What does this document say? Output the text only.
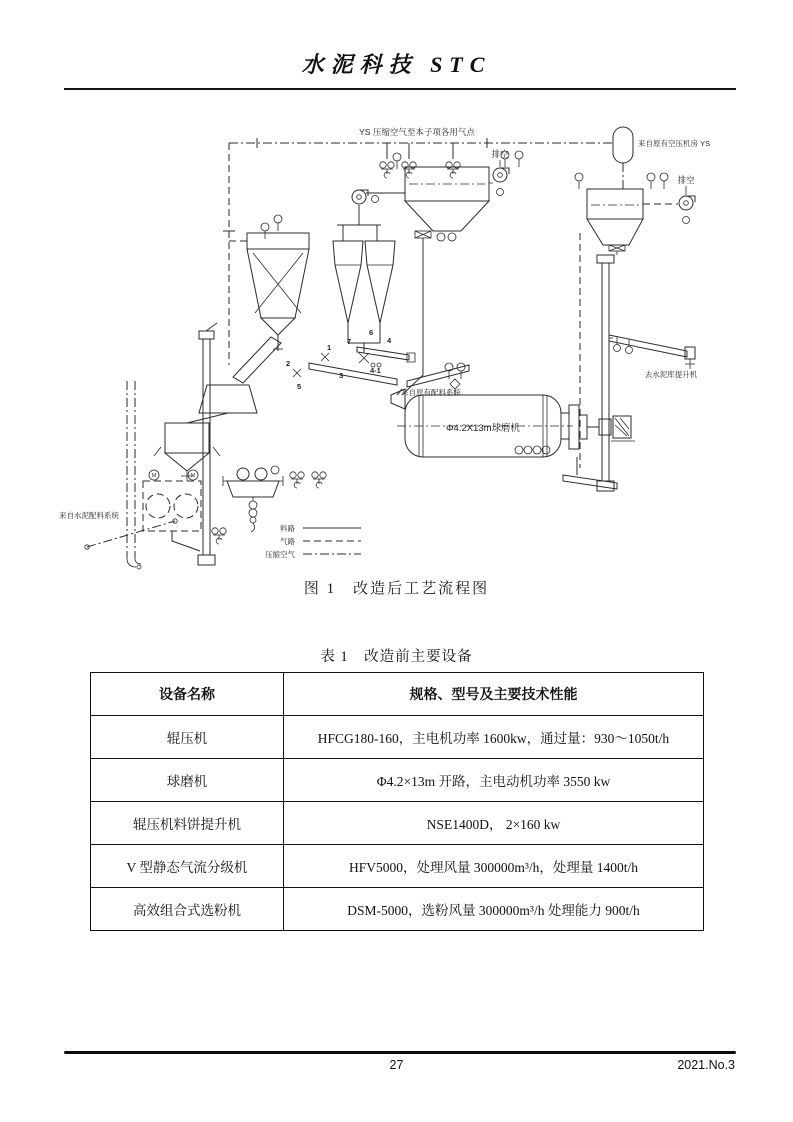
水泥科技 STC
YS 压缩空气至本子项各用气点
来自原有空压机房 YS
排空
排空
M	M
来自水泥配料系统
来自原有配料系统
1
2
3
4
4-1
5
6
7
Φ4.2X13m球磨机
去水泥库提升机
料路
气路
压缩空气
图 1　改造后工艺流程图
表 1　改造前主要设备
设备名称	规格、型号及主要技术性能
辊压机	HFCG180-160，主电机功率 1600kw，通过量：930～1050t/h
球磨机	Φ4.2×13m 开路，主电动机功率 3550 kw
辊压机料饼提升机	NSE1400D， 2×160 kw
V 型静态气流分级机	HFV5000，处理风量 300000m³/h，处理量 1400t/h
高效组合式选粉机	DSM-5000，选粉风量 300000m³/h 处理能力 900t/h
27	2021.No.3
